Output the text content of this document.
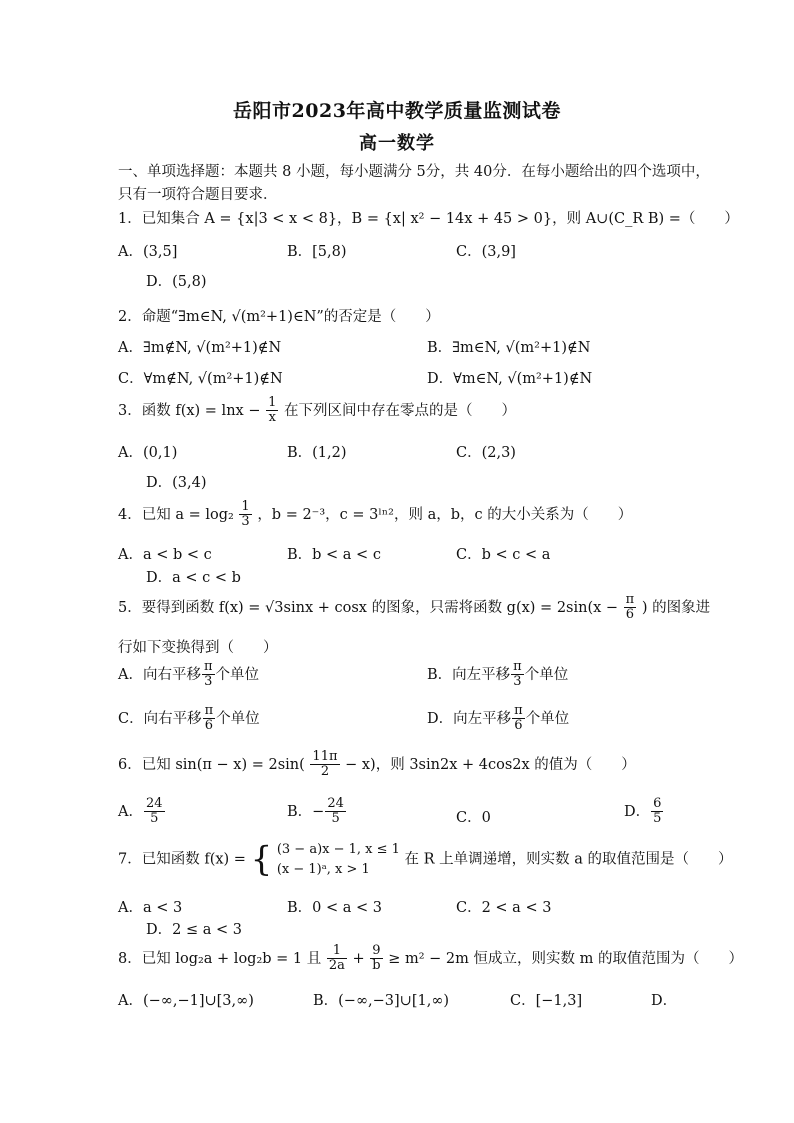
岳阳市2023年高中教学质量监测试卷
高一数学
一、单项选择题：本题共 8 小题，每小题满分 5分，共 40分．在每小题给出的四个选项中，
只有一项符合题目要求．
1．已知集合 A = {x|3 < x < 8}，B = {x| x² − 14x + 45 > 0}，则 A∪(C_R B) =（　　）
A．(3,5]	B．[5,8)	C．(3,9]
D．(5,8)
2．命题“∃m∈N, √(m²+1)∈N”的否定是（　　）
A．∃m∉N, √(m²+1)∉N	B．∃m∈N, √(m²+1)∉N
C．∀m∉N, √(m²+1)∉N	D．∀m∈N, √(m²+1)∉N
3．函数 $f(x) = \ln x - \frac{1}{x}$ 在下列区间中存在零点的是（　　）
A．(0,1)	B．(1,2)	C．(2,3)
D．(3,4)
4．已知 $a = \log_2 \frac{1}{3}$ ，b = 2⁻³，c = 3ˡⁿ²，则 a，b，c 的大小关系为（　　）
A．a < b < c	B．b < a < c	C．b < c < a
D．a < c < b
5．要得到函数 f(x) = √3sinx + cosx 的图象，只需将函数 $g(x) = 2\sin(x - \frac{\pi}{6}$ ) 的图象进
行如下变换得到（　　）
A．向右平移 $\frac{\pi}{3}$ 个单位	B．向左平移 $\frac{\pi}{3}$ 个单位
C．向右平移 $\frac{\pi}{6}$ 个单位	D．向左平移 $\frac{\pi}{6}$ 个单位
6．已知 $\sin(\pi - x) = 2\sin( \frac{11\pi}{2} - x)$，则 3sin2x + 4cos2x 的值为（　　）
A． $\frac{24}{5}$	B．− $\frac{24}{5}$	C．0	D． $\frac{6}{5}$
7．已知函数 f(x) = { (3 − a)x − 1, x ≤ 1
(x − 1)ᵃ, x > 1
在 R 上单调递增，则实数 a 的取值范围是（　　）
A．a < 3	B．0 < a < 3	C．2 < a < 3
D．2 ≤ a < 3
8．已知 log₂a + log₂b = 1 且 $\frac{1}{2a} + \frac{9}{b} \ge m^2 - 2m$ 恒成立，则实数 m 的取值范围为（　　）
A．(−∞,−1]∪[3,∞)	B．(−∞,−3]∪[1,∞)	C．[−1,3]	D．
